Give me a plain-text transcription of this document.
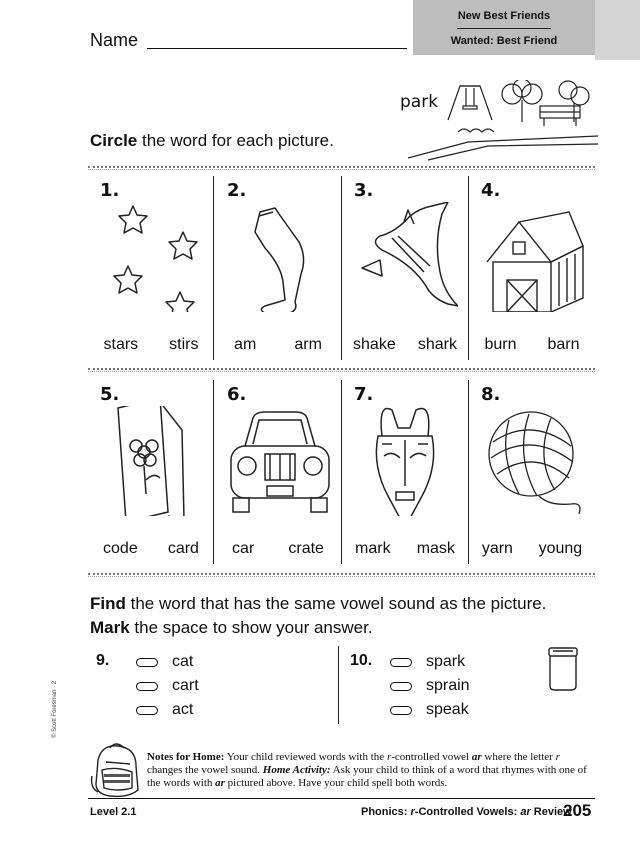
New Best Friends
Wanted: Best Friend
Name
park
Circle the word for each picture.
1.
stars stirs
2.
am arm
3.
shake shark
4.
burn barn
5.
code card
6.
car crate
7.
mark mask
8.
yarn young
Find the word that has the same vowel sound as the picture.
Mark the space to show your answer.
9.	cat
cart
act
10.	spark
sprain
speak
© Scott Foresman · 2
Notes for Home: Your child reviewed words with the r-controlled vowel ar where the letter r changes the vowel sound. Home Activity: Ask your child to think of a word that rhymes with one of the words with ar pictured above. Have your child spell both words.
Level 2.1	Phonics: r-Controlled Vowels: ar Review
205
